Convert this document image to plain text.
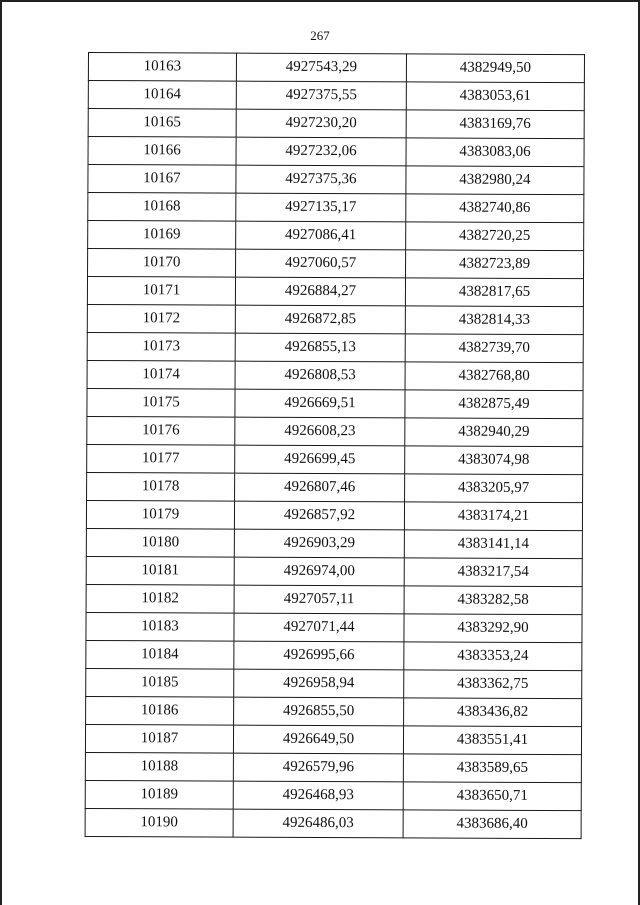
267
10163	4927543,29	4382949,50
10164	4927375,55	4383053,61
10165	4927230,20	4383169,76
10166	4927232,06	4383083,06
10167	4927375,36	4382980,24
10168	4927135,17	4382740,86
10169	4927086,41	4382720,25
10170	4927060,57	4382723,89
10171	4926884,27	4382817,65
10172	4926872,85	4382814,33
10173	4926855,13	4382739,70
10174	4926808,53	4382768,80
10175	4926669,51	4382875,49
10176	4926608,23	4382940,29
10177	4926699,45	4383074,98
10178	4926807,46	4383205,97
10179	4926857,92	4383174,21
10180	4926903,29	4383141,14
10181	4926974,00	4383217,54
10182	4927057,11	4383282,58
10183	4927071,44	4383292,90
10184	4926995,66	4383353,24
10185	4926958,94	4383362,75
10186	4926855,50	4383436,82
10187	4926649,50	4383551,41
10188	4926579,96	4383589,65
10189	4926468,93	4383650,71
10190	4926486,03	4383686,40
